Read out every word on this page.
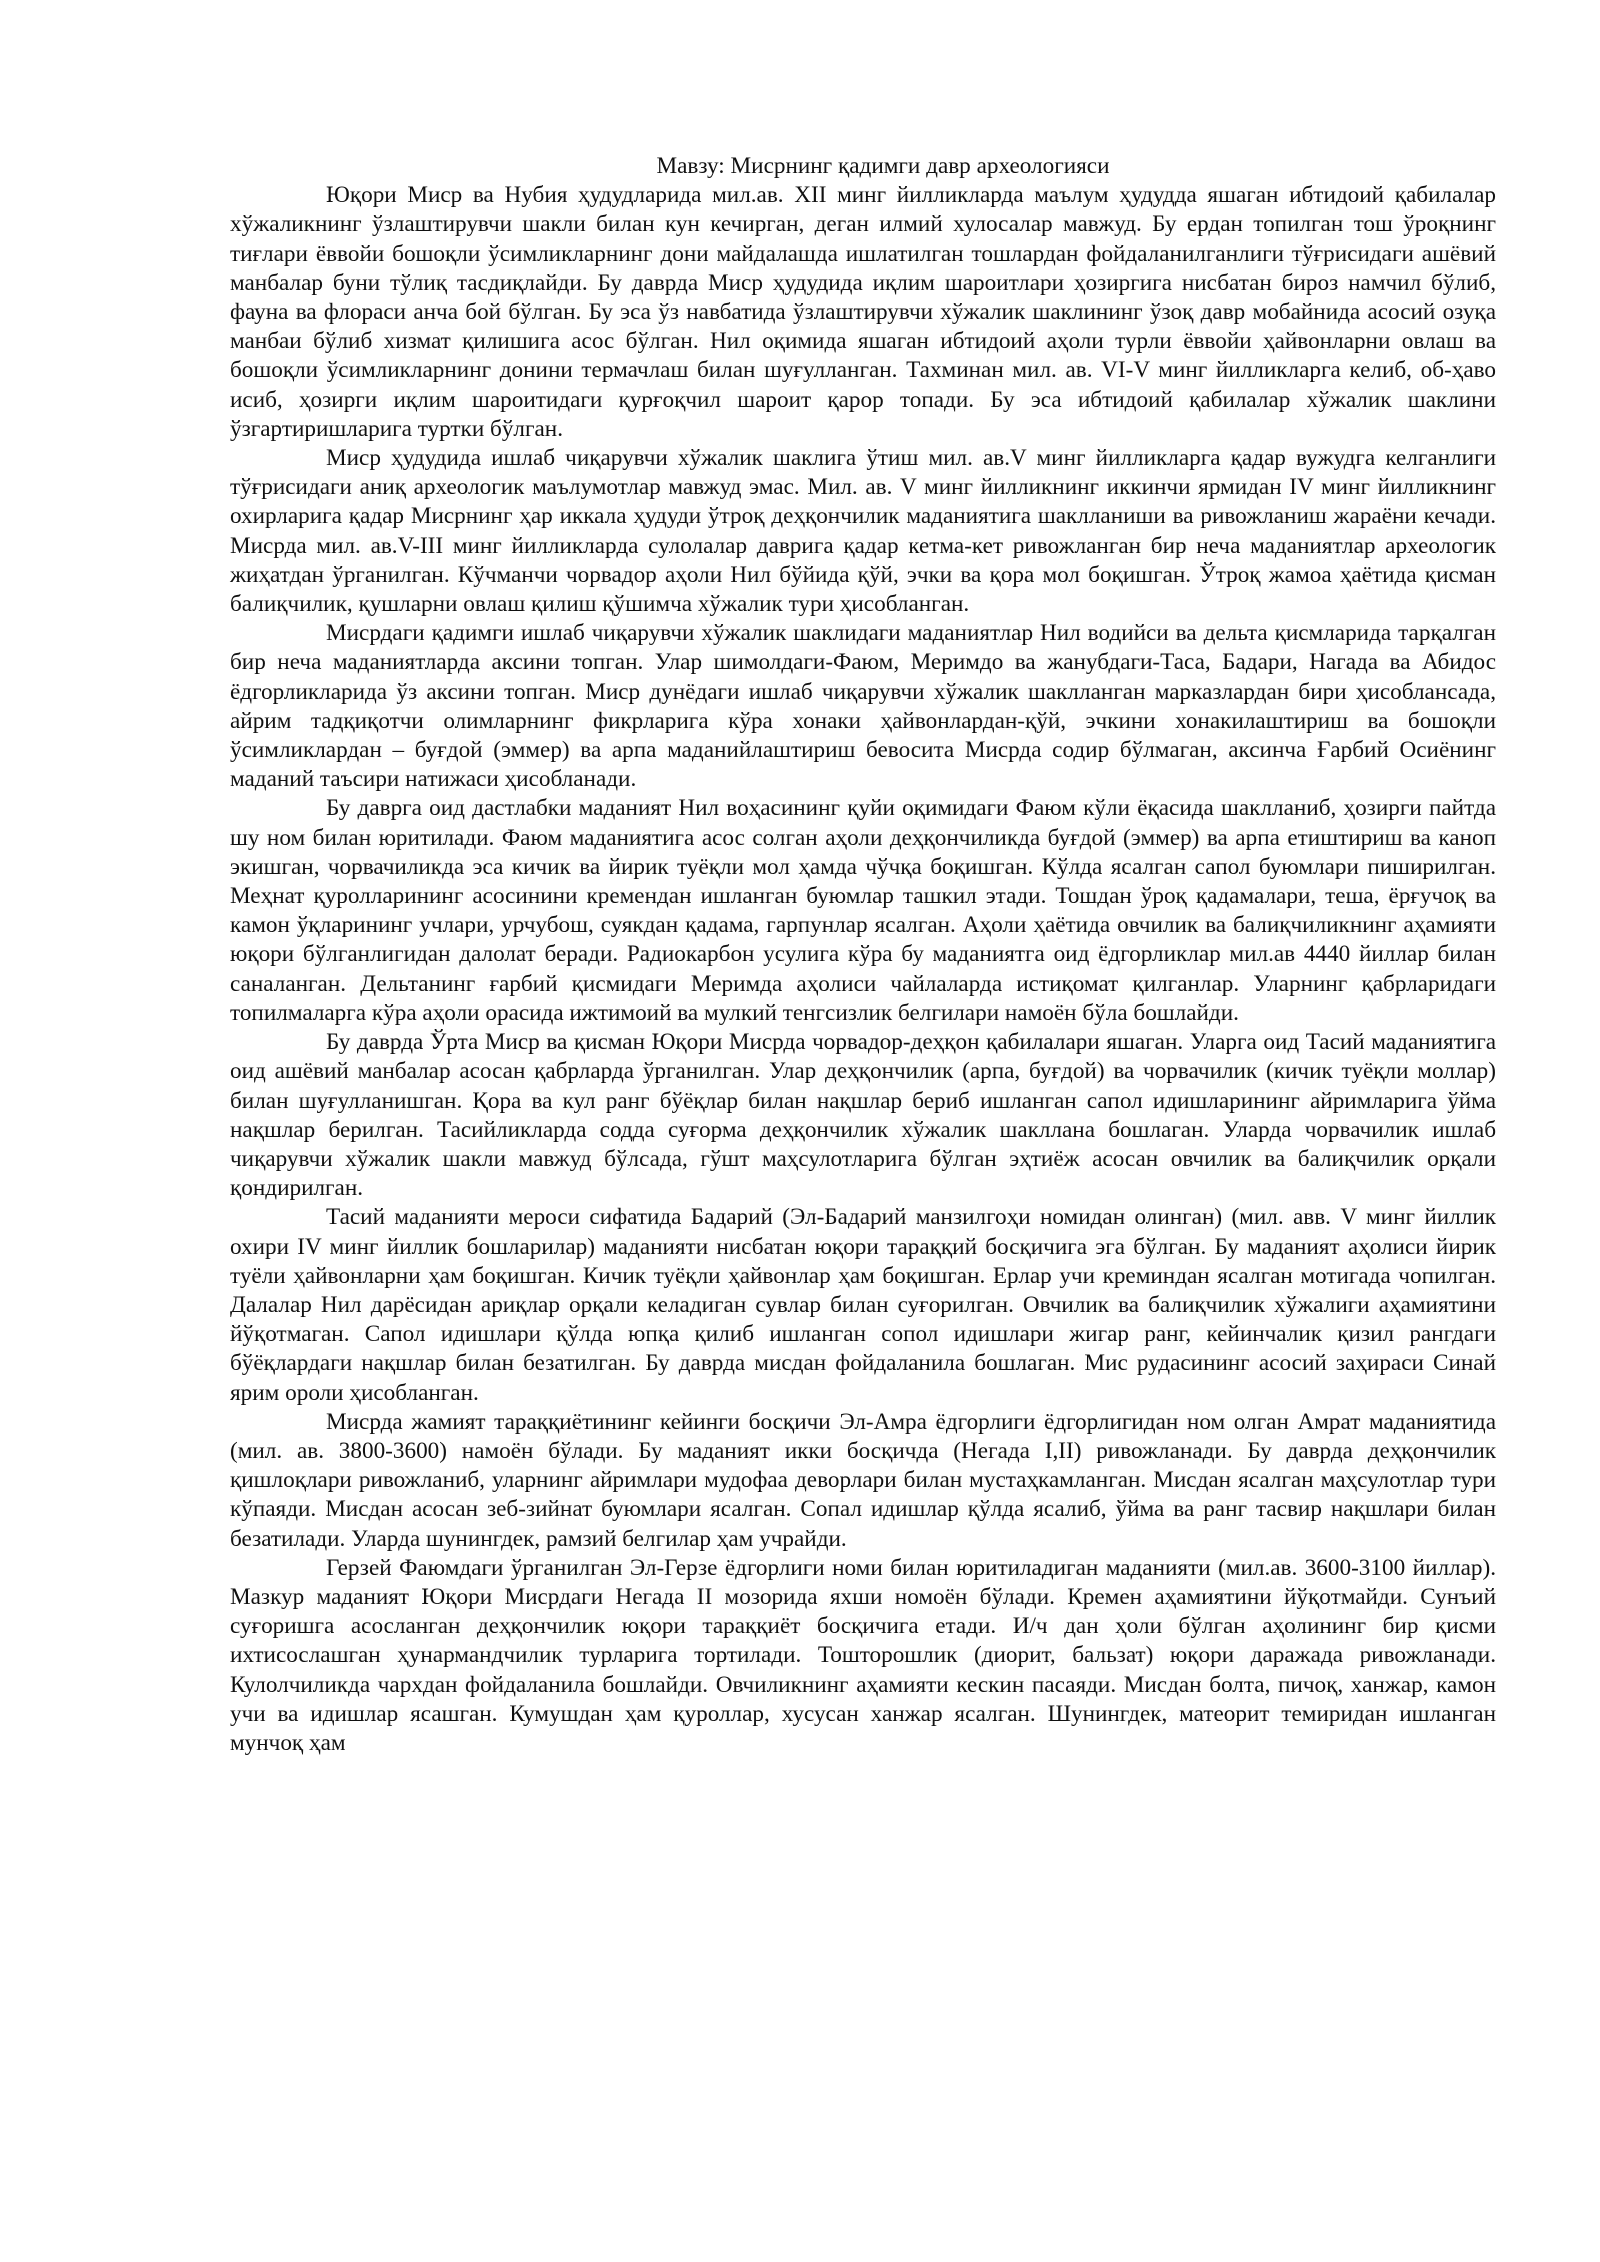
Мавзу: Мисрнинг қадимги давр археологияси

Юқори Миср ва Нубия ҳудудларида мил.ав. XII минг йилликларда маълум ҳудудда яшаган ибтидоий қабилалар хўжаликнинг ўзлаштирувчи шакли билан кун кечирган, деган илмий хулосалар мавжуд. Бу ердан топилган тош ўроқнинг тиғлари ёввойи бошоқли ўсимликларнинг дони майдалашда ишлатилган тошлардан фойдаланилганлиги тўғрисидаги ашёвий манбалар буни тўлиқ тасдиқлайди. Бу даврда Миср ҳудудида иқлим шароитлари ҳозиргига нисбатан бироз намчил бўлиб, фауна ва флораси анча бой бўлган. Бу эса ўз навбатида ўзлаштирувчи хўжалик шаклининг ўзоқ давр мобайнида асосий озуқа манбаи бўлиб хизмат қилишига асос бўлган. Нил оқимида яшаган ибтидоий аҳоли турли ёввойи ҳайвонларни овлаш ва бошоқли ўсимликларнинг донини термачлаш билан шуғулланган. Тахминан мил. ав. VI-V минг йилликларга келиб, об-ҳаво исиб, ҳозирги иқлим шароитидаги қурғоқчил шароит қарор топади. Бу эса ибтидоий қабилалар хўжалик шаклини ўзгартиришларига туртки бўлган.

Миср ҳудудида ишлаб чиқарувчи хўжалик шаклига ўтиш мил. ав.V минг йилликларга қадар вужудга келганлиги тўғрисидаги аниқ археологик маълумотлар мавжуд эмас. Мил. ав. V минг йилликнинг иккинчи ярмидан IV минг йилликнинг охирларига қадар Мисрнинг ҳар иккала ҳудуди ўтроқ деҳқончилик маданиятига шаклланиши ва ривожланиш жараёни кечади. Мисрда мил. ав.V-III минг йилликларда сулолалар даврига қадар кетма-кет ривожланган бир неча маданиятлар археологик жиҳатдан ўрганилган. Кўчманчи чорвадор аҳоли Нил бўйида қўй, эчки ва қора мол боқишган. Ўтроқ жамоа ҳаётида қисман балиқчилик, қушларни овлаш қилиш қўшимча хўжалик тури ҳисобланган.

Мисрдаги қадимги ишлаб чиқарувчи хўжалик шаклидаги маданиятлар Нил водийси ва дельта қисмларида тарқалган бир неча маданиятларда аксини топган. Улар шимолдаги-Фаюм, Меримдо ва жанубдаги-Таса, Бадари, Нагада ва Абидос ёдгорликларида ўз аксини топган. Миср дунёдаги ишлаб чиқарувчи хўжалик шаклланган марказлардан бири ҳисоблансада, айрим тадқиқотчи олимларнинг фикрларига кўра хонаки ҳайвонлардан-қўй, эчкини хонакилаштириш ва бошоқли ўсимликлардан – буғдой (эммер) ва арпа маданийлаштириш бевосита Мисрда содир бўлмаган, аксинча Ғарбий Осиёнинг маданий таъсири натижаси ҳисобланади.

Бу даврга оид дастлабки маданият Нил воҳасининг қуйи оқимидаги Фаюм кўли ёқасида шаклланиб, ҳозирги пайтда шу ном билан юритилади. Фаюм маданиятига асос солган аҳоли деҳқончиликда буғдой (эммер) ва арпа етиштириш ва каноп экишган, чорвачиликда эса кичик ва йирик туёқли мол ҳамда чўчқа боқишган. Кўлда ясалган сапол буюмлари пиширилган. Меҳнат қуролларининг асосинини кремендан ишланган буюмлар ташкил этади. Тошдан ўроқ қадамалари, теша, ёрғучоқ ва камон ўқларининг учлари, урчубош, суякдан қадама, гарпунлар ясалган. Аҳоли ҳаётида овчилик ва балиқчиликнинг аҳамияти юқори бўлганлигидан далолат беради. Радиокарбон усулига кўра бу маданиятга оид ёдгорликлар мил.ав 4440 йиллар билан саналанган. Дельтанинг ғарбий қисмидаги Меримда аҳолиси чайлаларда истиқомат қилганлар. Уларнинг қабрларидаги топилмаларга кўра аҳоли орасида ижтимоий ва мулкий тенгсизлик белгилари намоён бўла бошлайди.

Бу даврда Ўрта Миср ва қисман Юқори Мисрда чорвадор-деҳқон қабилалари яшаган. Уларга оид Тасий маданиятига оид ашёвий манбалар асосан қабрларда ўрганилган. Улар деҳқончилик (арпа, буғдой) ва чорвачилик (кичик туёқли моллар) билан шуғулланишган. Қора ва кул ранг бўёқлар билан нақшлар бериб ишланган сапол идишларининг айримларига ўйма нақшлар берилган. Тасийликларда содда суғорма деҳқончилик хўжалик шакллана бошлаган. Уларда чорвачилик ишлаб чиқарувчи хўжалик шакли мавжуд бўлсада, гўшт маҳсулотларига бўлган эҳтиёж асосан овчилик ва балиқчилик орқали қондирилган.

Тасий маданияти мероси сифатида Бадарий (Эл-Бадарий манзилгоҳи номидан олинган) (мил. авв. V минг йиллик охири IV минг йиллик бошларилар) маданияти нисбатан юқори тараққий босқичига эга бўлган. Бу маданият аҳолиси йирик туёли ҳайвонларни ҳам боқишган. Кичик туёқли ҳайвонлар ҳам боқишган. Ерлар учи креминдан ясалган мотигада чопилган. Далалар Нил дарёсидан ариқлар орқали келадиган сувлар билан суғорилган. Овчилик ва балиқчилик хўжалиги аҳамиятини йўқотмаган. Сапол идишлари қўлда юпқа қилиб ишланган сопол идишлари жигар ранг, кейинчалик қизил рангдаги бўёқлардаги нақшлар билан безатилган. Бу даврда мисдан фойдаланила бошлаган. Мис рудасининг асосий заҳираси Синай ярим ороли ҳисобланган.

Мисрда жамият тараққиётининг кейинги босқичи Эл-Амра ёдгорлиги ёдгорлигидан ном олган Амрат маданиятида (мил. ав. 3800-3600) намоён бўлади. Бу маданият икки босқичда (Негада I,II) ривожланади. Бу даврда деҳқончилик қишлоқлари ривожланиб, уларнинг айримлари мудофаа деворлари билан мустаҳкамланган. Мисдан ясалган маҳсулотлар тури кўпаяди. Мисдан асосан зеб-зийнат буюмлари ясалган. Сопал идишлар қўлда ясалиб, ўйма ва ранг тасвир нақшлари билан безатилади. Уларда шунингдек, рамзий белгилар ҳам учрайди.

Герзей Фаюмдаги ўрганилган Эл-Герзе ёдгорлиги номи билан юритиладиган маданияти (мил.ав. 3600-3100 йиллар). Мазкур маданият Юқори Мисрдаги Негада II мозорида яхши номоён бўлади. Кремен аҳамиятини йўқотмайди. Сунъий суғоришга асосланган деҳқончилик юқори тараққиёт босқичига етади. И/ч дан ҳоли бўлган аҳолининг бир қисми ихтисослашган ҳунармандчилик турларига тортилади. Тошторошлик (диорит, бальзат) юқори даражада ривожланади. Кулолчиликда чархдан фойдаланила бошлайди. Овчиликнинг аҳамияти кескин пасаяди. Мисдан болта, пичоқ, ханжар, камон учи ва идишлар ясашган. Кумушдан ҳам қуроллар, хусусан ханжар ясалган. Шунингдек, матеорит темиридан ишланган мунчоқ ҳам
